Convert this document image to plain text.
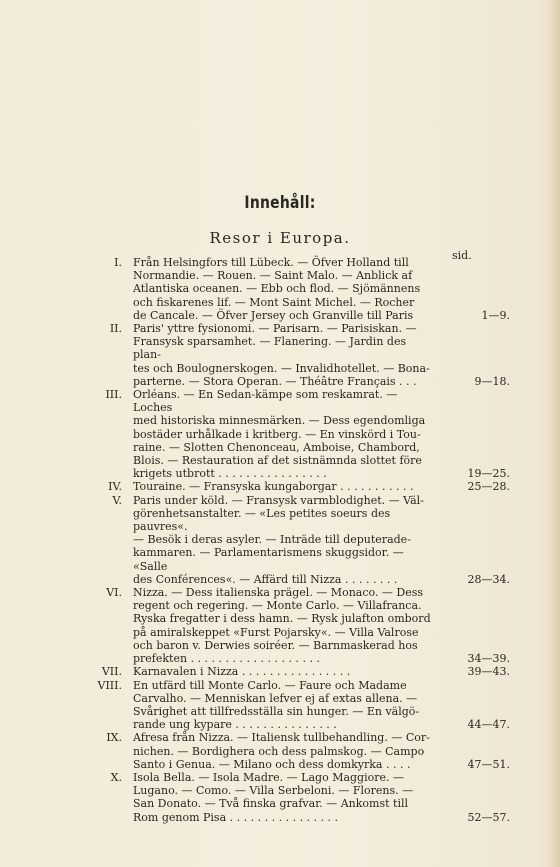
Innehåll:
Resor i Europa.
sid.
I. Från Helsingfors till Lübeck. — Öfver Holland till
Normandie. — Rouen. — Saint Malo. — Anblick af
Atlantiska oceanen. — Ebb och flod. — Sjömännens
och fiskarenes lif. — Mont Saint Michel. — Rocher
de Cancale. — Öfver Jersey och Granville till Paris	1—9.
II. Paris' yttre fysionomi. — Parisarn. — Parisiskan. —
Fransysk sparsamhet. — Flanering. — Jardin des plan-
tes och Boulognerskogen. — Invalidhotellet. — Bona-
parterne. — Stora Operan. — Théâtre Français . . .	9—18.
III. Orléans. — En Sedan-kämpe som reskamrat. — Loches
med historiska minnesmärken. — Dess egendomliga
bostäder urhålkade i kritberg. — En vinskörd i Tou-
raine. — Slotten Chenonceau, Amboise, Chambord,
Blois. — Restauration af det sistnämnda slottet före
krigets utbrott . . . . . . . . . . . . . . . .	19—25.
IV. Touraine. — Fransyska kungaborgar . . . . . . . . . . .	25—28.
V. Paris under köld. — Fransysk varmblodighet. — Väl-
görenhetsanstalter. — «Les petites soeurs des pauvres«.
— Besök i deras asyler. — Inträde till deputerade-
kammaren. — Parlamentarismens skuggsidor. — «Salle
des Conférences«. — Affärd till Nizza . . . . . . . .	28—34.
VI. Nizza. — Dess italienska prägel. — Monaco. — Dess
regent och regering. — Monte Carlo. — Villafranca.
Ryska fregatter i dess hamn. — Rysk julafton ombord
på amiralskeppet «Furst Pojarsky«. — Villa Valrose
och baron v. Derwies soiréer. — Barnmaskerad hos
prefekten . . . . . . . . . . . . . . . . . . .	34—39.
VII. Karnavalen i Nizza . . . . . . . . . . . . . . . .	39—43.
VIII. En utfärd till Monte Carlo. — Faure och Madame
Carvalho. — Menniskan lefver ej af extas allena. —
Svårighet att tillfredsställa sin hunger. — En välgö-
rande ung kypare . . . . . . . . . . . . . . .	44—47.
IX. Afresa från Nizza. — Italiensk tullbehandling. — Cor-
nichen. — Bordighera och dess palmskog. — Campo
Santo i Genua. — Milano och dess domkyrka . . . .	47—51.
X. Isola Bella. — Isola Madre. — Lago Maggiore. —
Lugano. — Como. — Villa Serbeloni. — Florens. —
San Donato. — Två finska grafvar. — Ankomst till
Rom genom Pisa . . . . . . . . . . . . . . . .	52—57.
